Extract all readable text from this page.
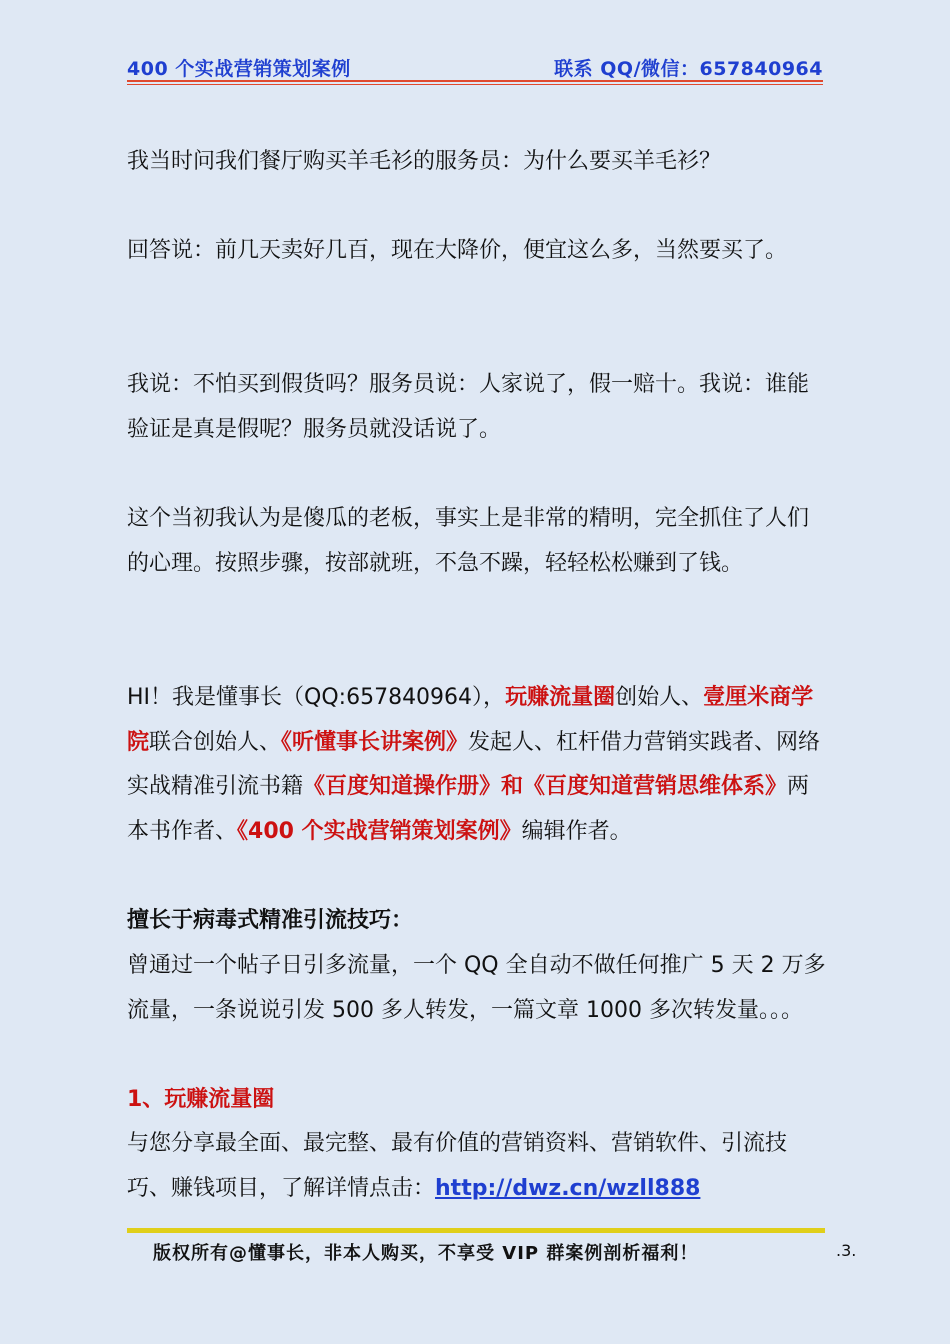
400 个实战营销策划案例	联系 QQ/微信：657840964

我当时问我们餐厅购买羊毛衫的服务员：为什么要买羊毛衫？

回答说：前几天卖好几百，现在大降价，便宜这么多，当然要买了。

我说：不怕买到假货吗？服务员说：人家说了，假一赔十。我说：谁能验证是真是假呢？服务员就没话说了。

这个当初我认为是傻瓜的老板，事实上是非常的精明，完全抓住了人们的心理。按照步骤，按部就班，不急不躁，轻轻松松赚到了钱。

HI！我是懂事长（QQ:657840964），玩赚流量圈创始人、壹厘米商学院联合创始人、《听懂事长讲案例》发起人、杠杆借力营销实践者、网络实战精准引流书籍《百度知道操作册》和《百度知道营销思维体系》两本书作者、《400 个实战营销策划案例》编辑作者。

擅长于病毒式精准引流技巧：

曾通过一个帖子日引多流量，一个 QQ 全自动不做任何推广 5 天 2 万多流量，一条说说引发 500 多人转发，一篇文章 1000 多次转发量。。。

1、玩赚流量圈

与您分享最全面、最完整、最有价值的营销资料、营销软件、引流技巧、赚钱项目，了解详情点击：http://dwz.cn/wzll888

版权所有@懂事长，非本人购买，不享受 VIP 群案例剖析福利！	.3.
